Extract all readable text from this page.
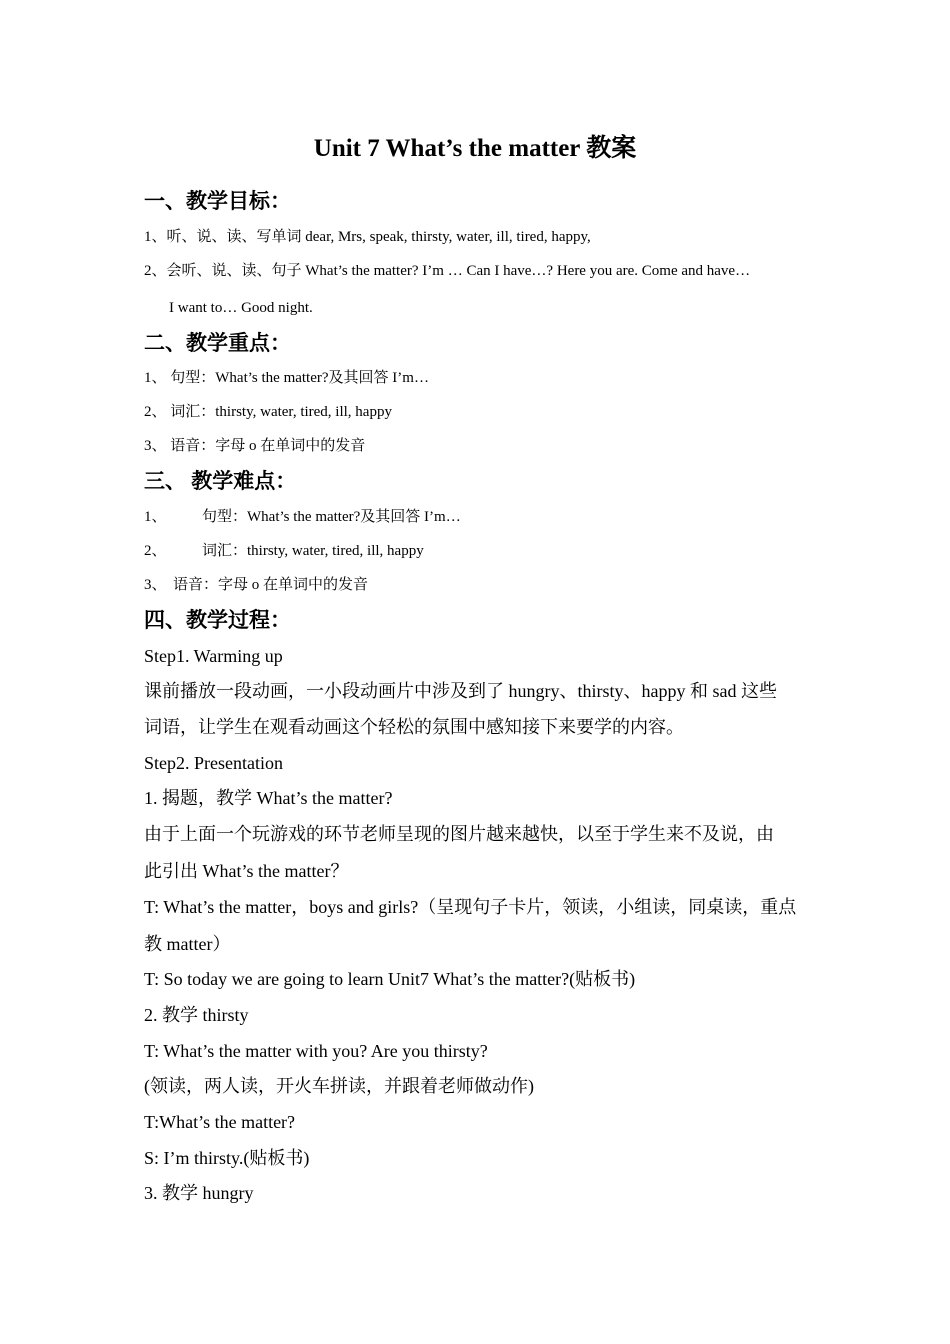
Unit 7 What’s the matter 教案
一、教学目标：
1、听、说、读、写单词 dear, Mrs, speak, thirsty, water, ill, tired, happy,
2、会听、说、读、句子 What’s the matter? I’m … Can I have…? Here you are. Come and have…
I want to… Good night.
二、教学重点：
1、 句型：What’s the matter?及其回答 I’m…
2、 词汇：thirsty, water, tired, ill, happy
3、 语音：字母 o 在单词中的发音
三、 教学难点：
1、 句型：What’s the matter?及其回答 I’m…
2、 词汇：thirsty, water, tired, ill, happy
3、 语音：字母 o 在单词中的发音
四、教学过程：
Step1. Warming up
课前播放一段动画，一小段动画片中涉及到了 hungry、thirsty、happy 和 sad 这些
词语，让学生在观看动画这个轻松的氛围中感知接下来要学的内容。
Step2. Presentation
1. 揭题，教学 What’s the matter?
由于上面一个玩游戏的环节老师呈现的图片越来越快，以至于学生来不及说，由
此引出 What’s the matter？
T: What’s the matter，boys and girls?（呈现句子卡片，领读，小组读，同桌读，重点
教 matter）
T: So today we are going to learn Unit7 What’s the matter?(贴板书)
2. 教学 thirsty
T: What’s the matter with you? Are you thirsty?
(领读，两人读，开火车拼读，并跟着老师做动作)
T:What’s the matter?
S: I’m thirsty.(贴板书)
3. 教学 hungry
